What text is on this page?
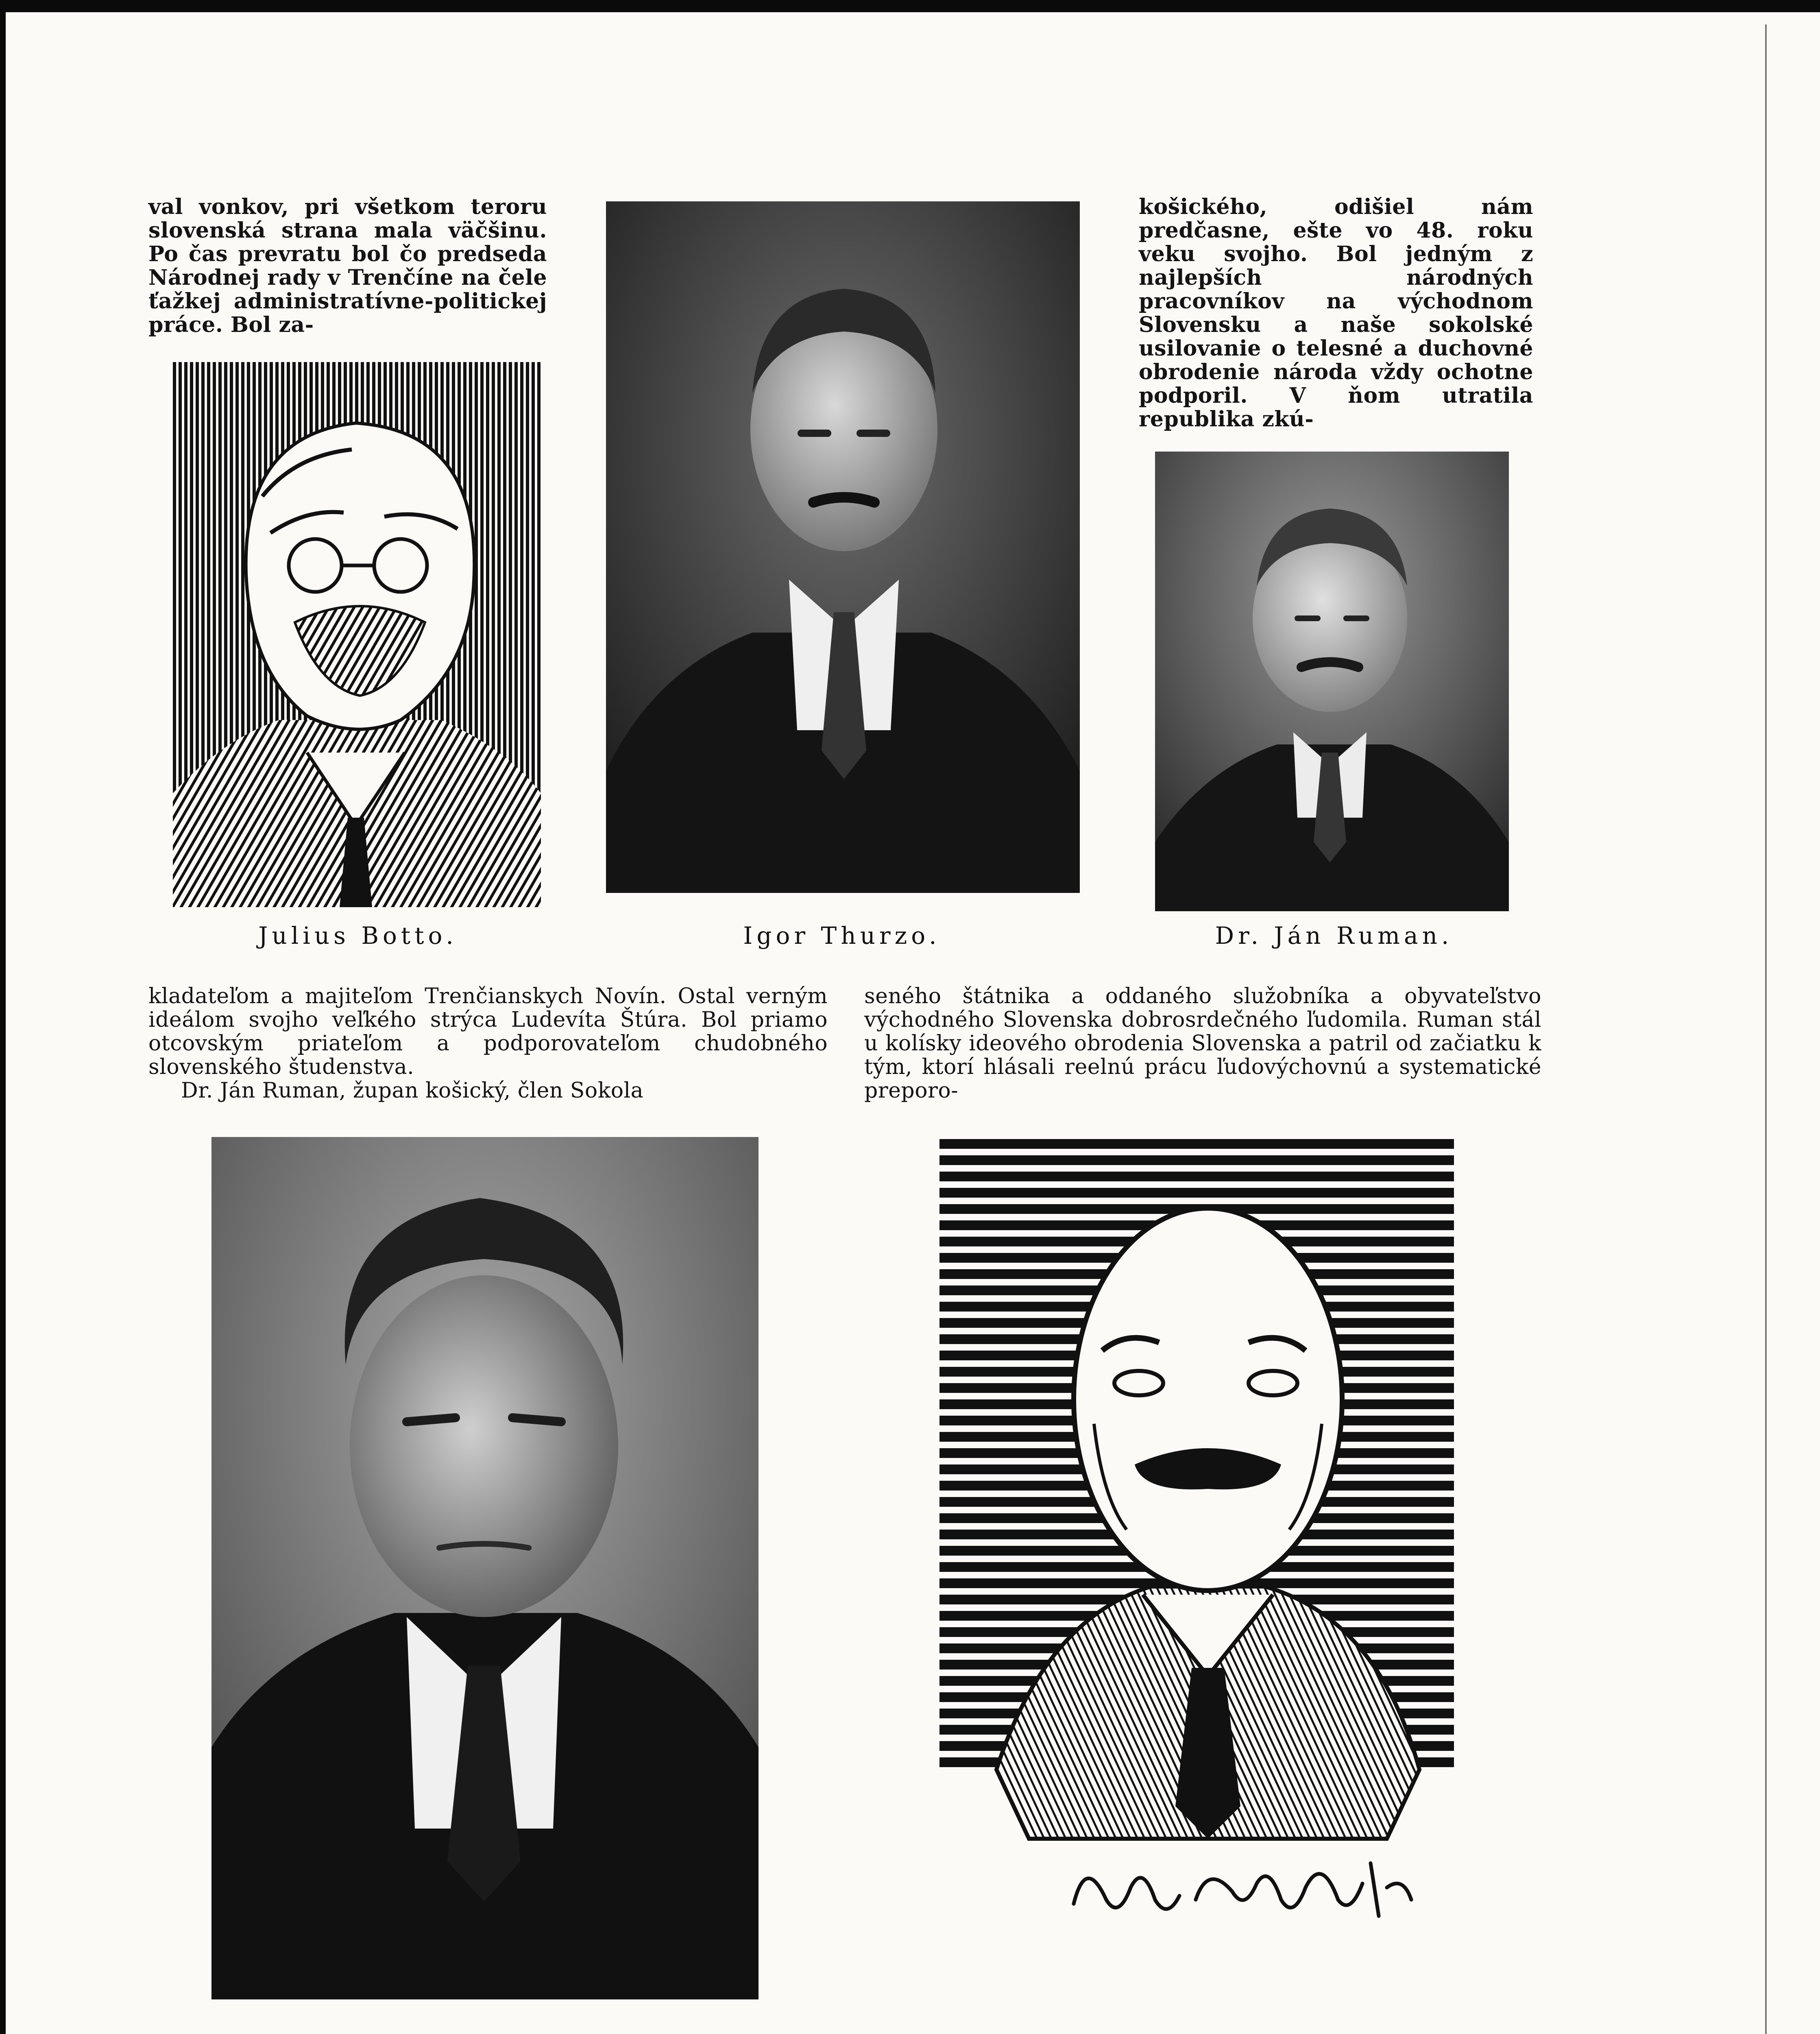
val vonkov, pri všetkom teroru slovenská strana mala väčšinu. Po čas prevratu bol čo predseda Národnej rady v Trenčíne na čele ťažkej administratívne-politickej práce. Bol za-

košického, odišiel nám predčasne, ešte vo 48. roku veku svojho. Bol jedným z najlepších národných pracovníkov na východnom Slovensku a naše sokolské usilovanie o telesné a duchovné obrodenie národa vždy ochotne podporil. V ňom utratila republika zkú-

Julius Botto.	Igor Thurzo.	Dr. Ján Ruman.

kladateľom a majiteľom Trenčianskych Novín. Ostal verným ideálom svojho veľkého strýca Ludevíta Štúra. Bol priamo otcovským priateľom a podporovateľom chudobného slovenského študenstva.

Dr. Ján Ruman, župan košický, člen Sokola

seného štátnika a oddaného služobníka a obyvateľstvo východného Slovenska dobrosrdečného ľudomila. Ruman stál u kolísky ideového obrodenia Slovenska a patril od začiatku k tým, ktorí hlásali reelnú prácu ľudovýchovnú a systematické preporo-
